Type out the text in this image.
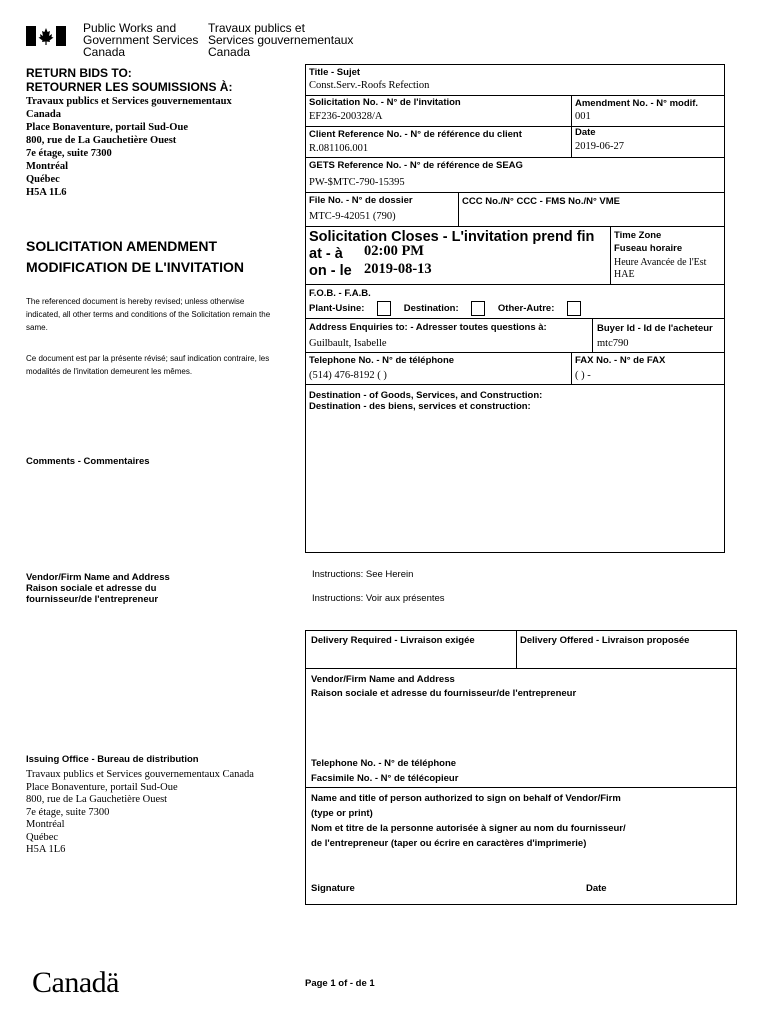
Public Works and
Government Services
Canada
Travaux publics et
Services gouvernementaux
Canada
RETURN BIDS TO:
RETOURNER LES SOUMISSIONS À:
Travaux publics et Services gouvernementaux
Canada
Place Bonaventure, portail Sud-Oue
800, rue de La Gauchetière Ouest
7e étage, suite 7300
Montréal
Québec
H5A 1L6
SOLICITATION AMENDMENT
MODIFICATION DE L'INVITATION
The referenced document is hereby revised; unless otherwise indicated, all other terms and conditions of the Solicitation remain the same.
Ce document est par la présente révisé; sauf indication contraire, les modalités de l'invitation demeurent les mêmes.
Comments - Commentaires
Vendor/Firm Name and Address
Raison sociale et adresse du
fournisseur/de l'entrepreneur
Issuing Office - Bureau de distribution
Travaux publics et Services gouvernementaux Canada
Place Bonaventure, portail Sud-Oue
800, rue de La Gauchetière Ouest
7e étage, suite 7300
Montréal
Québec
H5A 1L6
Title - Sujet
Const.Serv.-Roofs Refection
Solicitation No. - N° de l'invitation
EF236-200328/A
Amendment No. - N° modif.
001
Client Reference No. - N° de référence du client
R.081106.001
Date
2019-06-27
GETS Reference No. - N° de référence de SEAG
PW-$MTC-790-15395
File No. - N° de dossier
MTC-9-42051 (790)
CCC No./N° CCC - FMS No./N° VME
Solicitation Closes - L'invitation prend fin
at - à 02:00 PM
on - le 2019-08-13
Time Zone
Fuseau horaire
Heure Avancée de l'Est
HAE
F.O.B. - F.A.B.
Plant-Usine:	Destination:	Other-Autre:
Address Enquiries to: - Adresser toutes questions à:
Guilbault, Isabelle
Buyer Id - Id de l'acheteur
mtc790
Telephone No. - N° de téléphone
(514) 476-8192 ( )
FAX No. - N° de FAX
( ) -
Destination - of Goods, Services, and Construction:
Destination - des biens, services et construction:
Instructions: See Herein
Instructions: Voir aux présentes
Delivery Required - Livraison exigée	Delivery Offered - Livraison proposée
Vendor/Firm Name and Address
Raison sociale et adresse du fournisseur/de l'entrepreneur
Telephone No. - N° de téléphone
Facsimile No. - N° de télécopieur
Name and title of person authorized to sign on behalf of Vendor/Firm
(type or print)
Nom et titre de la personne autorisée à signer au nom du fournisseur/
de l'entrepreneur (taper ou écrire en caractères d'imprimerie)
Signature	Date
Canadä	Page 1 of - de 1
